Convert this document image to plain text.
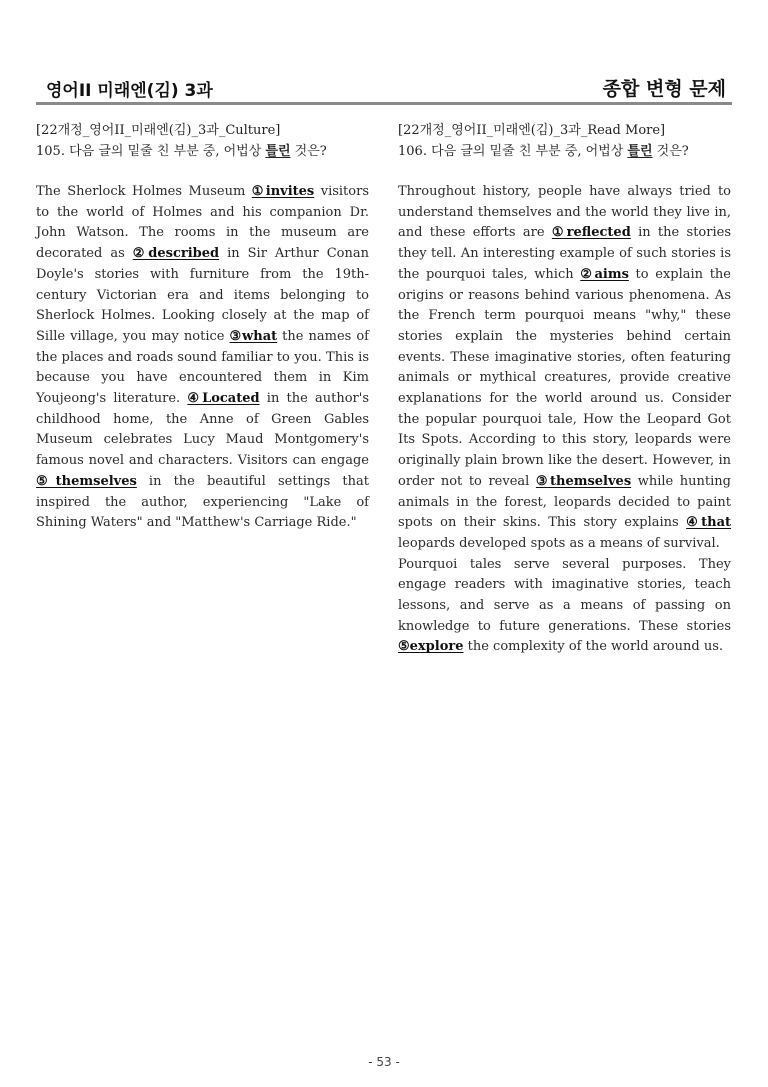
영어II 미래엔(김) 3과	종합 변형 문제
[22개정_영어II_미래엔(김)_3과_Culture]
105. 다음 글의 밑줄 친 부분 중, 어법상 틀린 것은?

The Sherlock Holmes Museum ①invites visitors to the world of Holmes and his companion Dr. John Watson. The rooms in the museum are decorated as ②described in Sir Arthur Conan Doyle's stories with furniture from the 19th-century Victorian era and items belonging to Sherlock Holmes. Looking closely at the map of Sille village, you may notice ③what the names of the places and roads sound familiar to you. This is because you have encountered them in Kim Youjeong's literature. ④Located in the author's childhood home, the Anne of Green Gables Museum celebrates Lucy Maud Montgomery's famous novel and characters. Visitors can engage ⑤themselves in the beautiful settings that inspired the author, experiencing "Lake of Shining Waters" and "Matthew's Carriage Ride."

[22개정_영어II_미래엔(김)_3과_Read More]
106. 다음 글의 밑줄 친 부분 중, 어법상 틀린 것은?

Throughout history, people have always tried to understand themselves and the world they live in, and these efforts are ①reflected in the stories they tell. An interesting example of such stories is the pourquoi tales, which ②aims to explain the origins or reasons behind various phenomena. As the French term pourquoi means "why," these stories explain the mysteries behind certain events. These imaginative stories, often featuring animals or mythical creatures, provide creative explanations for the world around us. Consider the popular pourquoi tale, How the Leopard Got Its Spots. According to this story, leopards were originally plain brown like the desert. However, in order not to reveal ③themselves while hunting animals in the forest, leopards decided to paint spots on their skins. This story explains ④that leopards developed spots as a means of survival.

Pourquoi tales serve several purposes. They engage readers with imaginative stories, teach lessons, and serve as a means of passing on knowledge to future generations. These stories ⑤explore the complexity of the world around us.

- 53 -
